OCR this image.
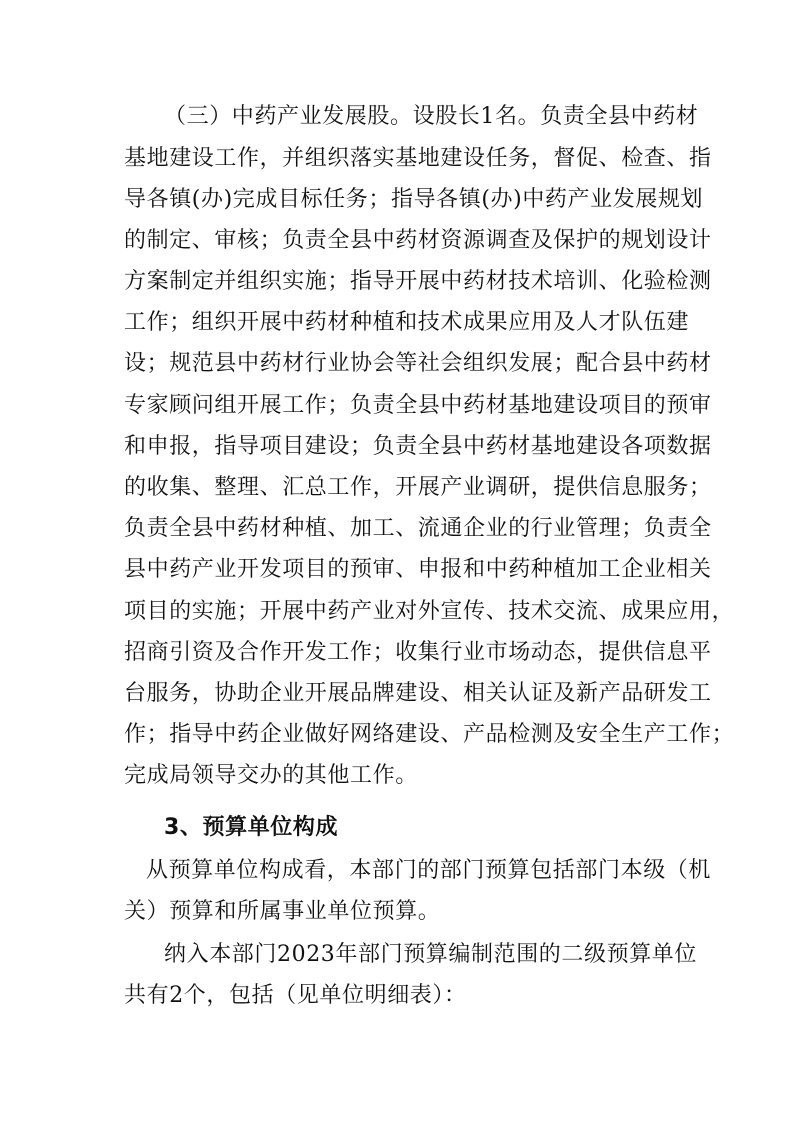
（三）中药产业发展股。设股长1名。负责全县中药材
基地建设工作，并组织落实基地建设任务，督促、检查、指
导各镇(办)完成目标任务；指导各镇(办)中药产业发展规划
的制定、审核；负责全县中药材资源调查及保护的规划设计
方案制定并组织实施；指导开展中药材技术培训、化验检测
工作；组织开展中药材种植和技术成果应用及人才队伍建
设；规范县中药材行业协会等社会组织发展；配合县中药材
专家顾问组开展工作；负责全县中药材基地建设项目的预审
和申报，指导项目建设；负责全县中药材基地建设各项数据
的收集、整理、汇总工作，开展产业调研，提供信息服务；
负责全县中药材种植、加工、流通企业的行业管理；负责全
县中药产业开发项目的预审、申报和中药种植加工企业相关
项目的实施；开展中药产业对外宣传、技术交流、成果应用，
招商引资及合作开发工作；收集行业市场动态，提供信息平
台服务，协助企业开展品牌建设、相关认证及新产品研发工
作；指导中药企业做好网络建设、产品检测及安全生产工作；
完成局领导交办的其他工作。
3、预算单位构成
从预算单位构成看，本部门的部门预算包括部门本级（机
关）预算和所属事业单位预算。
纳入本部门2023年部门预算编制范围的二级预算单位
共有2个，包括（见单位明细表）：
